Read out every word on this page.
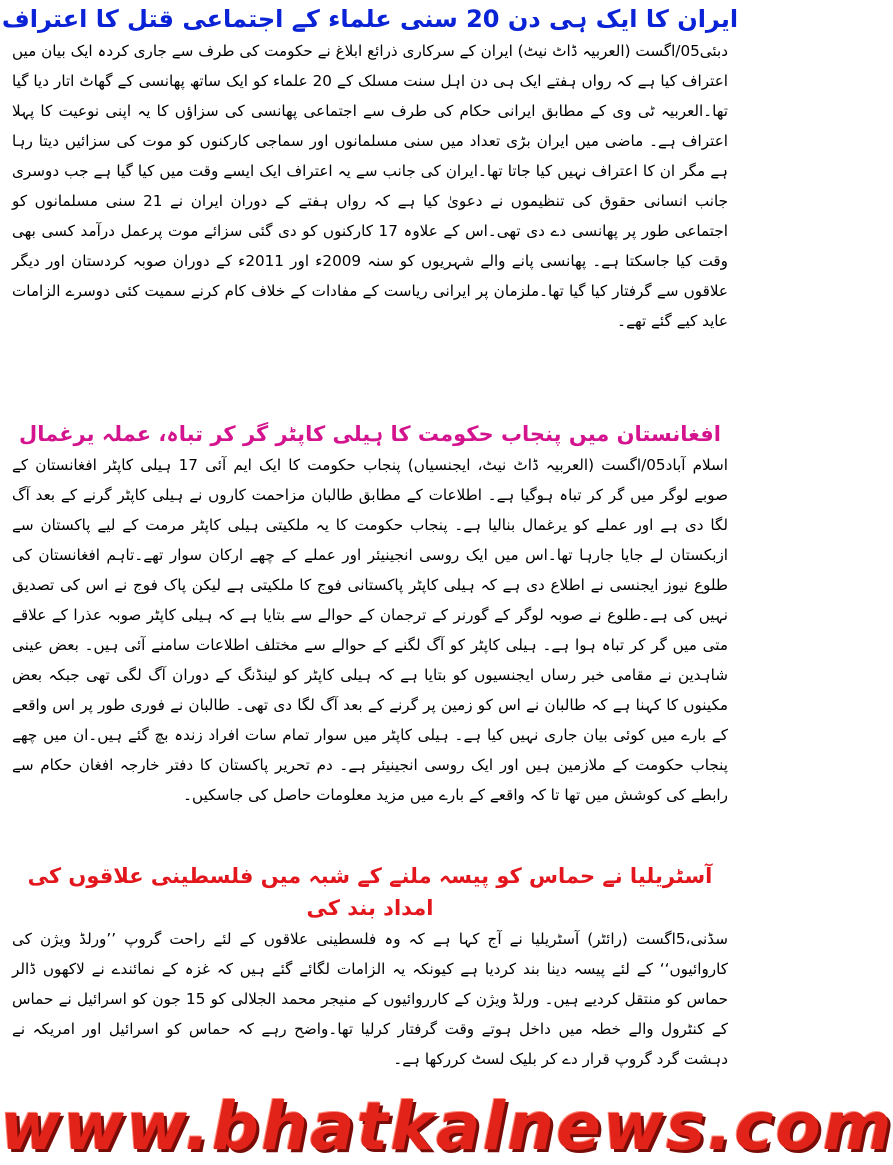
ایران کا ایک ہی دن 20 سنی علماء کے اجتماعی قتل کا اعتراف

دبئی05/اگست (العربیہ ڈاٹ نیٹ) ایران کے سرکاری ذرائع ابلاغ نے حکومت کی طرف سے جاری کردہ ایک بیان میں اعتراف کیا ہے کہ رواں ہفتے ایک ہی دن اہل سنت مسلک کے 20 علماء کو ایک ساتھ پھانسی کے گھاٹ اتار دیا گیا تھا۔العربیہ ٹی وی کے مطابق ایرانی حکام کی طرف سے اجتماعی پھانسی کی سزاؤں کا یہ اپنی نوعیت کا پہلا اعتراف ہے۔ ماضی میں ایران بڑی تعداد میں سنی مسلمانوں اور سماجی کارکنوں کو موت کی سزائیں دیتا رہا ہے مگر ان کا اعتراف نہیں کیا جاتا تھا۔ایران کی جانب سے یہ اعتراف ایک ایسے وقت میں کیا گیا ہے جب دوسری جانب انسانی حقوق کی تنظیموں نے دعویٰ کیا ہے کہ رواں ہفتے کے دوران ایران نے 21 سنی مسلمانوں کو اجتماعی طور پر پھانسی دے دی تھی۔اس کے علاوہ 17 کارکنوں کو دی گئی سزائے موت پرعمل درآمد کسی بھی وقت کیا جاسکتا ہے۔ پھانسی پانے والے شہریوں کو سنہ 2009ء اور 2011ء کے دوران صوبہ کردستان اور دیگر علاقوں سے گرفتار کیا گیا تھا۔ملزمان پر ایرانی ریاست کے مفادات کے خلاف کام کرنے سمیت کئی دوسرے الزامات عاید کیے گئے تھے۔

افغانستان میں پنجاب حکومت کا ہیلی کاپٹر گر کر تباہ، عملہ یرغمال

اسلام آباد05/اگست (العربیہ ڈاٹ نیٹ، ایجنسیاں) پنجاب حکومت کا ایک ایم آئی 17 ہیلی کاپٹر افغانستان کے صوبے لوگر میں گر کر تباہ ہوگیا ہے۔ اطلاعات کے مطابق طالبان مزاحمت کاروں نے ہیلی کاپٹر گرنے کے بعد آگ لگا دی ہے اور عملے کو یرغمال بنالیا ہے۔ پنجاب حکومت کا یہ ملکیتی ہیلی کاپٹر مرمت کے لیے پاکستان سے ازبکستان لے جایا جارہا تھا۔اس میں ایک روسی انجینیئر اور عملے کے چھے ارکان سوار تھے۔تاہم افغانستان کی طلوع نیوز ایجنسی نے اطلاع دی ہے کہ ہیلی کاپٹر پاکستانی فوج کا ملکیتی ہے لیکن پاک فوج نے اس کی تصدیق نہیں کی ہے۔طلوع نے صوبہ لوگر کے گورنر کے ترجمان کے حوالے سے بتایا ہے کہ ہیلی کاپٹر صوبہ عذرا کے علاقے متی میں گر کر تباہ ہوا ہے۔ ہیلی کاپٹر کو آگ لگنے کے حوالے سے مختلف اطلاعات سامنے آئی ہیں۔ بعض عینی شاہدین نے مقامی خبر رساں ایجنسیوں کو بتایا ہے کہ ہیلی کاپٹر کو لینڈنگ کے دوران آگ لگی تھی جبکہ بعض مکینوں کا کہنا ہے کہ طالبان نے اس کو زمین پر گرنے کے بعد آگ لگا دی تھی۔ طالبان نے فوری طور پر اس واقعے کے بارے میں کوئی بیان جاری نہیں کیا ہے۔ ہیلی کاپٹر میں سوار تمام سات افراد زندہ بچ گئے ہیں۔ان میں چھے پنجاب حکومت کے ملازمین ہیں اور ایک روسی انجینیئر ہے۔ دم تحریر پاکستان کا دفتر خارجہ افغان حکام سے رابطے کی کوشش میں تھا تا کہ واقعے کے بارے میں مزید معلومات حاصل کی جاسکیں۔

آسٹریلیا نے حماس کو پیسہ ملنے کے شبہ میں فلسطینی علاقوں کی امداد بند کی

سڈنی،5اگست (رائٹر) آسٹریلیا نے آج کہا ہے کہ وہ فلسطینی علاقوں کے لئے راحت گروپ ’’ورلڈ ویژن کی کاروائیوں‘‘ کے لئے پیسہ دینا بند کردیا ہے کیونکہ یہ الزامات لگائے گئے ہیں کہ غزہ کے نمائندے نے لاکھوں ڈالر حماس کو منتقل کردیے ہیں۔ ورلڈ ویژن کے کارروائیوں کے منیجر محمد الجلالی کو 15 جون کو اسرائیل نے حماس کے کنٹرول والے خطہ میں داخل ہوتے وقت گرفتار کرلیا تھا۔واضح رہے کہ حماس کو اسرائیل اور امریکہ نے دہشت گرد گروپ قرار دے کر بلیک لسٹ کررکھا ہے۔

www.bhatkalnews.com
